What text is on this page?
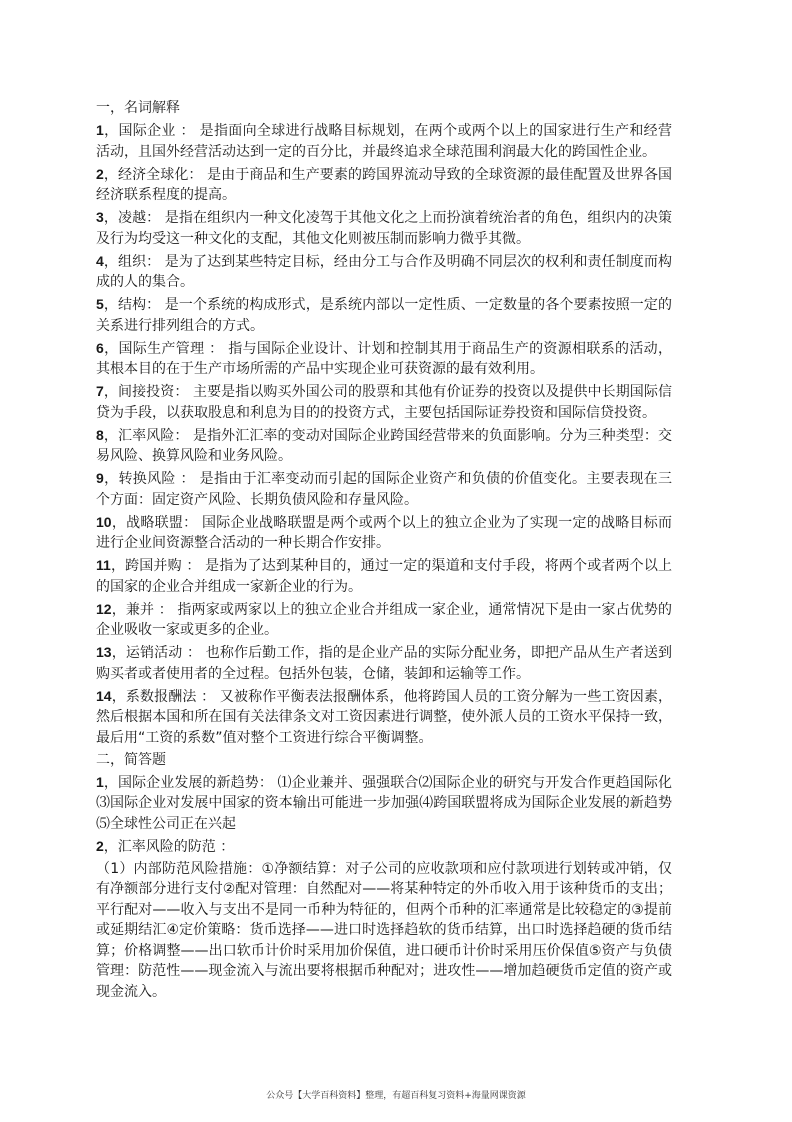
一，名词解释
1，国际企业 ： 是指面向全球进行战略目标规划，在两个或两个以上的国家进行生产和经营活动，且国外经营活动达到一定的百分比，并最终追求全球范围利润最大化的跨国性企业。
2，经济全球化： 是由于商品和生产要素的跨国界流动导致的全球资源的最佳配置及世界各国经济联系程度的提高。
3，凌越： 是指在组织内一种文化凌驾于其他文化之上而扮演着统治者的角色，组织内的决策及行为均受这一种文化的支配，其他文化则被压制而影响力微乎其微。
4，组织： 是为了达到某些特定目标，经由分工与合作及明确不同层次的权利和责任制度而构成的人的集合。
5，结构： 是一个系统的构成形式，是系统内部以一定性质、一定数量的各个要素按照一定的关系进行排列组合的方式。
6，国际生产管理 ： 指与国际企业设计、计划和控制其用于商品生产的资源相联系的活动，其根本目的在于生产市场所需的产品中实现企业可获资源的最有效利用。
7，间接投资： 主要是指以购买外国公司的股票和其他有价证券的投资以及提供中长期国际信贷为手段，以获取股息和利息为目的的投资方式，主要包括国际证券投资和国际信贷投资。
8，汇率风险： 是指外汇汇率的变动对国际企业跨国经营带来的负面影响。分为三种类型：交易风险、换算风险和业务风险。
9，转换风险 ： 是指由于汇率变动而引起的国际企业资产和负债的价值变化。主要表现在三个方面：固定资产风险、长期负债风险和存量风险。
10，战略联盟： 国际企业战略联盟是两个或两个以上的独立企业为了实现一定的战略目标而进行企业间资源整合活动的一种长期合作安排。
11，跨国并购 ： 是指为了达到某种目的，通过一定的渠道和支付手段，将两个或者两个以上的国家的企业合并组成一家新企业的行为。
12，兼并 ： 指两家或两家以上的独立企业合并组成一家企业，通常情况下是由一家占优势的企业吸收一家或更多的企业。
13，运销活动 ： 也称作后勤工作，指的是企业产品的实际分配业务，即把产品从生产者送到购买者或者使用者的全过程。包括外包装，仓储，装卸和运输等工作。
14，系数报酬法 ： 又被称作平衡表法报酬体系，他将跨国人员的工资分解为一些工资因素，然后根据本国和所在国有关法律条文对工资因素进行调整，使外派人员的工资水平保持一致，最后用“工资的系数”值对整个工资进行综合平衡调整。
二，简答题
1，国际企业发展的新趋势： ⑴企业兼并、强强联合⑵国际企业的研究与开发合作更趋国际化⑶国际企业对发展中国家的资本输出可能进一步加强⑷跨国联盟将成为国际企业发展的新趋势⑸全球性公司正在兴起
2，汇率风险的防范 ：
（1）内部防范风险措施：①净额结算：对子公司的应收款项和应付款项进行划转或冲销，仅有净额部分进行支付②配对管理：自然配对——将某种特定的外币收入用于该种货币的支出；平行配对——收入与支出不是同一币种为特征的，但两个币种的汇率通常是比较稳定的③提前或延期结汇④定价策略：货币选择——进口时选择趋软的货币结算，出口时选择趋硬的货币结算；价格调整——出口软币计价时采用加价保值，进口硬币计价时采用压价保值⑤资产与负债管理：防范性——现金流入与流出要将根据币种配对；进攻性——增加趋硬货币定值的资产或现金流入。
公众号【大学百科资料】整理，有超百科复习资料+海量网课资源
